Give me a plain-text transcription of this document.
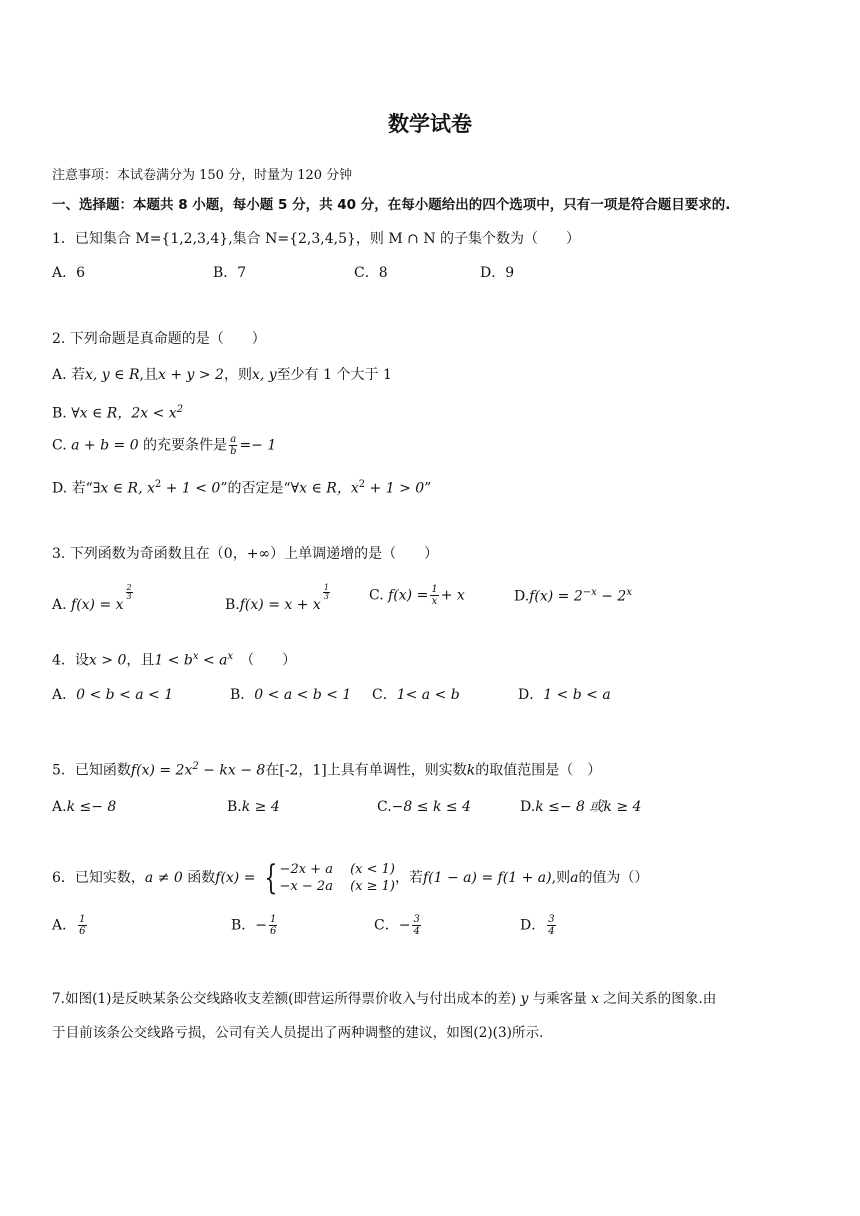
数学试卷
注意事项：本试卷满分为 150 分，时量为 120 分钟
一、选择题：本题共 8 小题，每小题 5 分，共 40 分，在每小题给出的四个选项中，只有一项是符合题目要求的.
1．已知集合 M={1,2,3,4},集合 N={2,3,4,5}，则 M ∩ N 的子集个数为（　　）
A．6	B．7	C．8	D．9
2. 下列命题是真命题的是（　　）
A. 若x, y ∈ R,且x + y > 2，则x, y至少有 1 个大于 1
B. ∀x ∈ R，$2x < x^2$
C. a + b = 0 的充要条件是 $\frac{a}{b} =- 1$
D. 若“∃x ∈ R, $x^2 + 1 < 0$”的否定是“∀x ∈ R，$x^2 + 1 > 0$”
3. 下列函数为奇函数且在（0，+∞）上单调递增的是（　　）
A. f(x) = x
$\frac{2}{3}$
B.f(x) = x + x
$\frac{1}{3}$	C. $f(x) = \frac{1}{x} + x$	$D.f(x) = 2^{-x} - 2^x$
4．设x > 0，且$1 < b^x < a^x$　（　　）
A．0 < b < a < 1	B．0 < a < b < 1 C．1< a < b	D．1 < b < a
5．已知函数$f(x) = 2x^2$ − kx − 8在[-2，1]上具有单调性，则实数k的取值范围是（　）
A.k ≤− 8	B.k ≥ 4	C.−8 ≤ k ≤ 4	D.k ≤− 8 或k ≥ 4
6．已知实数，a ≠ 0 函数f(x) = { −2x + a　 (x < 1)
−x − 2a　 (x ≥ 1)
，若f(1 − a) = f(1 + a),则a的值为（）
A． $\frac{1}{6}$	B．− $\frac{1}{6}$	C．− $\frac{3}{4}$	D． $\frac{3}{4}$
7.如图(1)是反映某条公交线路收支差额(即营运所得票价收入与付出成本的差) y 与乘客量 x 之间关系的图象.由
于目前该条公交线路亏损，公司有关人员提出了两种调整的建议，如图(2)(3)所示.
